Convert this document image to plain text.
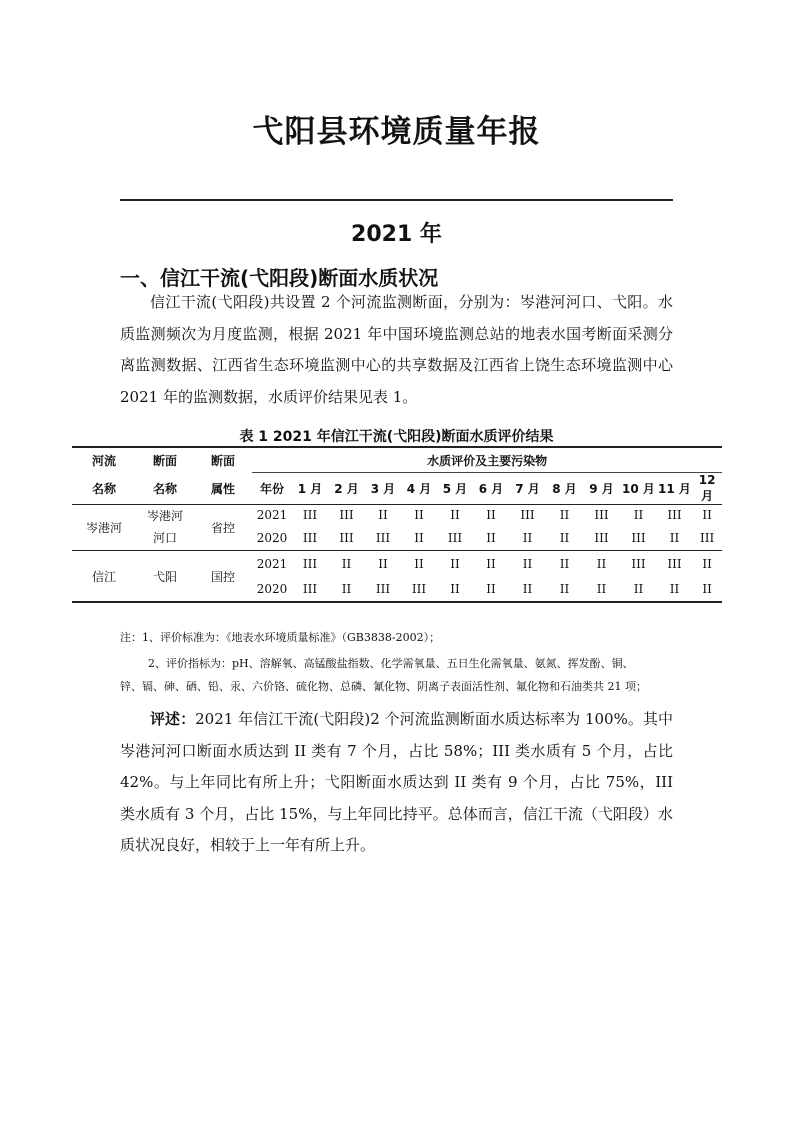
弋阳县环境质量年报
2021 年
一、信江干流(弋阳段)断面水质状况

信江干流(弋阳段)共设置 2 个河流监测断面，分别为：岑港河河口、弋阳。水质监测频次为月度监测，根据 2021 年中国环境监测总站的地表水国考断面采测分离监测数据、江西省生态环境监测中心的共享数据及江西省上饶生态环境监测中心 2021 年的监测数据，水质评价结果见表 1。

表 1 2021 年信江干流(弋阳段)断面水质评价结果

河流	断面	断面	水质评价及主要污染物												
名称	名称	属性	年份	1 月	2 月	3 月	4 月	5 月	6 月	7 月	8 月	9 月	10 月	11 月	12 月
岑港河	岑港河	省控	2021	III	III	II	II	II	II	III	II	III	II	III	II
	河口		2020	III	III	III	II	III	II	II	II	III	III	II	III
信江	弋阳	国控	2021	III	II	II	II	II	II	II	II	II	III	III	II
			2020	III	II	III	III	II	II	II	II	II	II	II	II

注：1、评价标准为：《地表水环境质量标准》（GB3838-2002）；

2、评价指标为：pH、溶解氧、高锰酸盐指数、化学需氧量、五日生化需氧量、氨氮、挥发酚、铜、

锌、镉、砷、硒、铅、汞、六价铬、硫化物、总磷、氰化物、阴离子表面活性剂、氟化物和石油类共 21 项；

评述：2021 年信江干流(弋阳段)2 个河流监测断面水质达标率为 100%。其中岑港河河口断面水质达到 II 类有 7 个月，占比 58%；III 类水质有 5 个月，占比 42%。与上年同比有所上升；弋阳断面水质达到 II 类有 9 个月，占比 75%，III 类水质有 3 个月，占比 15%，与上年同比持平。总体而言，信江干流（弋阳段）水质状况良好，相较于上一年有所上升。
